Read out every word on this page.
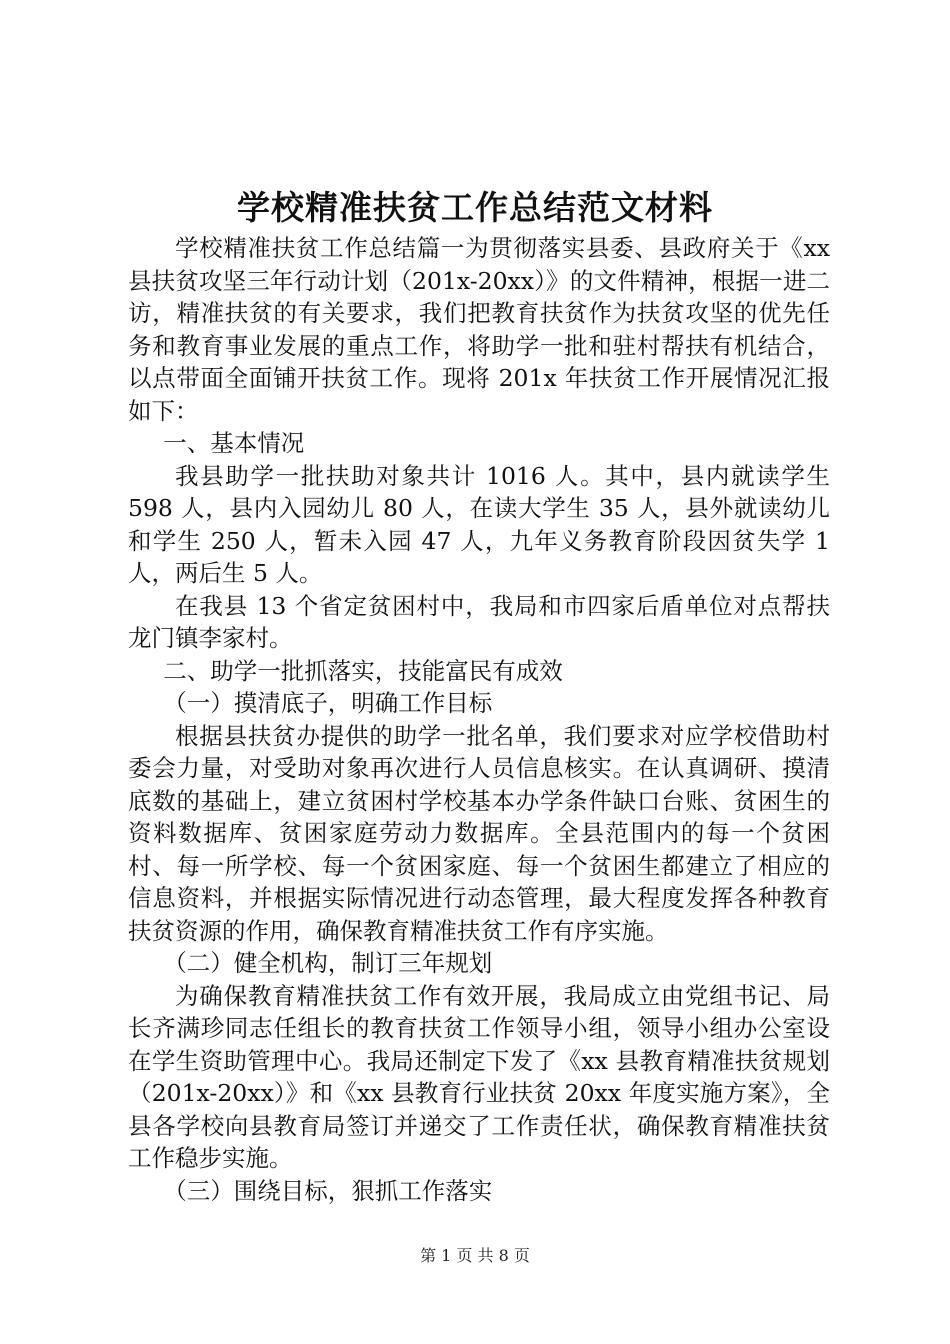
学校精准扶贫工作总结范文材料

学校精准扶贫工作总结篇一为贯彻落实县委、县政府关于《xx 县扶贫攻坚三年行动计划（201x-20xx）》的文件精神，根据一进二访，精准扶贫的有关要求，我们把教育扶贫作为扶贫攻坚的优先任务和教育事业发展的重点工作，将助学一批和驻村帮扶有机结合，以点带面全面铺开扶贫工作。现将 201x 年扶贫工作开展情况汇报如下：

一、基本情况

我县助学一批扶助对象共计 1016 人。其中，县内就读学生 598 人，县内入园幼儿 80 人，在读大学生 35 人，县外就读幼儿和学生 250 人，暂未入园 47 人，九年义务教育阶段因贫失学 1 人，两后生 5 人。

在我县 13 个省定贫困村中，我局和市四家后盾单位对点帮扶龙门镇李家村。

二、助学一批抓落实，技能富民有成效

（一）摸清底子，明确工作目标

根据县扶贫办提供的助学一批名单，我们要求对应学校借助村委会力量，对受助对象再次进行人员信息核实。在认真调研、摸清底数的基础上，建立贫困村学校基本办学条件缺口台账、贫困生的资料数据库、贫困家庭劳动力数据库。全县范围内的每一个贫困村、每一所学校、每一个贫困家庭、每一个贫困生都建立了相应的信息资料，并根据实际情况进行动态管理，最大程度发挥各种教育扶贫资源的作用，确保教育精准扶贫工作有序实施。

（二）健全机构，制订三年规划

为确保教育精准扶贫工作有效开展，我局成立由党组书记、局长齐满珍同志任组长的教育扶贫工作领导小组，领导小组办公室设在学生资助管理中心。我局还制定下发了《xx 县教育精准扶贫规划（201x-20xx）》和《xx 县教育行业扶贫 20xx 年度实施方案》，全县各学校向县教育局签订并递交了工作责任状，确保教育精准扶贫工作稳步实施。

（三）围绕目标，狠抓工作落实

第 1 页 共 8 页
